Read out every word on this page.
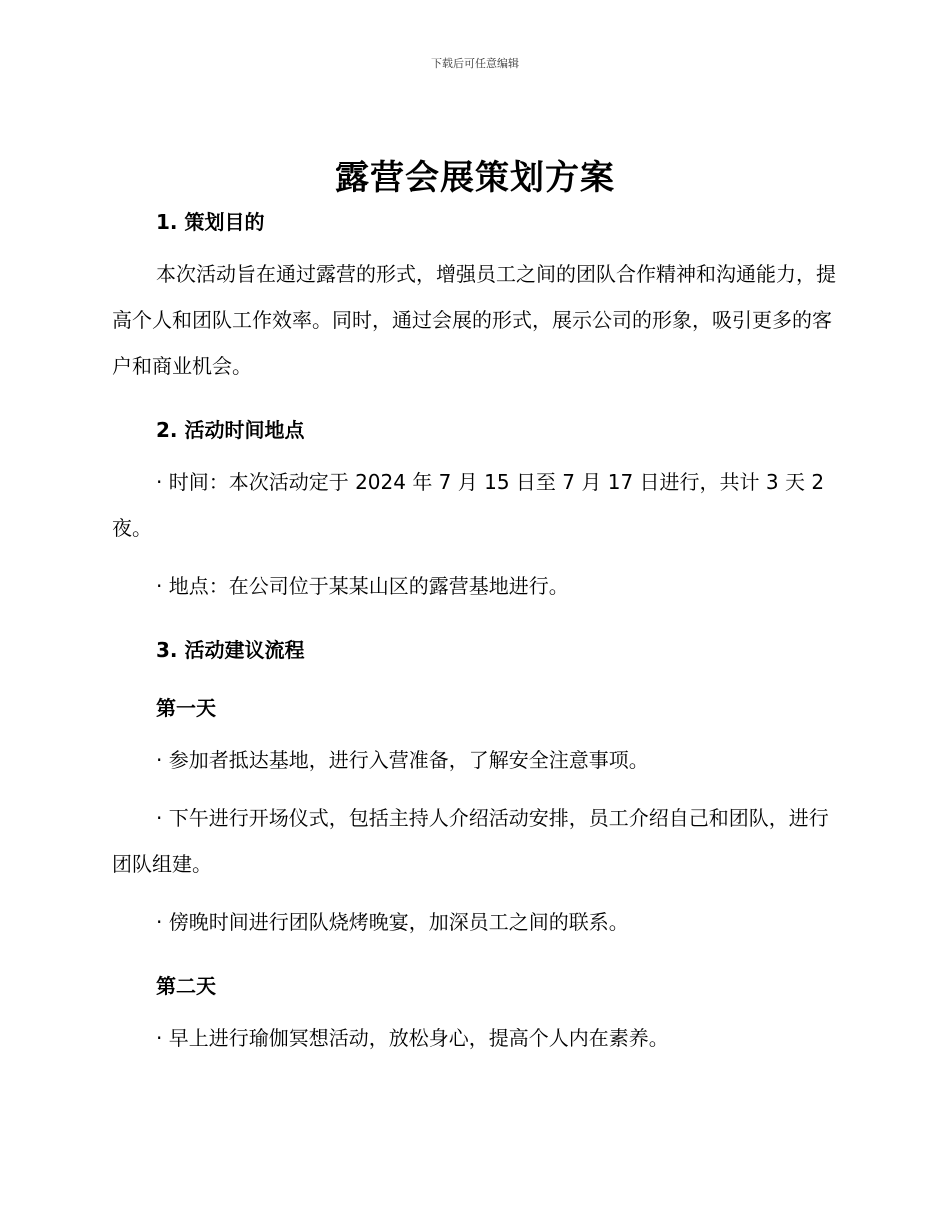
下载后可任意编辑
露营会展策划方案

1. 策划目的

本次活动旨在通过露营的形式，增强员工之间的团队合作精神和沟通能力，提高个人和团队工作效率。同时，通过会展的形式，展示公司的形象，吸引更多的客户和商业机会。

2. 活动时间地点

· 时间：本次活动定于 2024 年 7 月 15 日至 7 月 17 日进行，共计 3 天 2 夜。

· 地点：在公司位于某某山区的露营基地进行。

3. 活动建议流程

第一天

· 参加者抵达基地，进行入营准备，了解安全注意事项。

· 下午进行开场仪式，包括主持人介绍活动安排，员工介绍自己和团队，进行团队组建。

· 傍晚时间进行团队烧烤晚宴，加深员工之间的联系。

第二天

· 早上进行瑜伽冥想活动，放松身心，提高个人内在素养。
